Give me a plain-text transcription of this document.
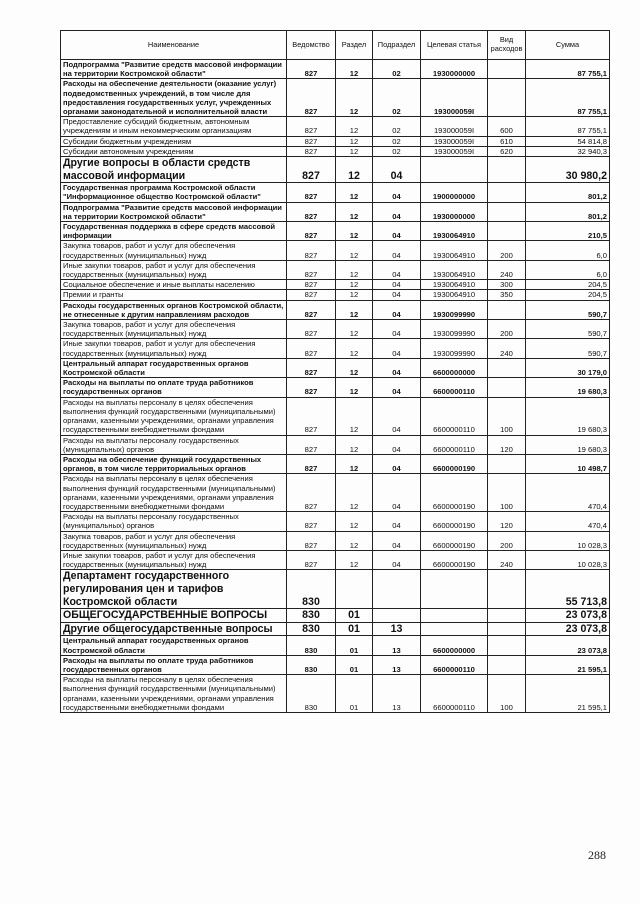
Наименование	Ведомство	Раздел	Подраздел	Целевая статья	Вид расходов	Сумма
Подпрограмма "Развитие средств массовой информации на территории Костромской области"	827	12	02	1930000000		87 755,1
Расходы на обеспечение деятельности (оказание услуг) подведомственных учреждений, в том числе для предоставления государственных услуг, учрежденных органами законодательной и исполнительной власти	827	12	02	193000059I		87 755,1
Предоставление субсидий бюджетным, автономным учреждениям и иным некоммерческим организациям	827	12	02	193000059I	600	87 755,1
Субсидии бюджетным учреждениям	827	12	02	193000059I	610	54 814,8
Субсидии автономным учреждениям	827	12	02	193000059I	620	32 940,3
Другие вопросы в области средств массовой информации	827	12	04			30 980,2
Государственная программа Костромской области "Информационное общество Костромской области"	827	12	04	1900000000		801,2
Подпрограмма "Развитие средств массовой информации на территории Костромской области"	827	12	04	1930000000		801,2
Государственная поддержка в сфере средств массовой информации	827	12	04	1930064910		210,5
Закупка товаров, работ и услуг для обеспечения государственных (муниципальных) нужд	827	12	04	1930064910	200	6,0
Иные закупки товаров, работ и услуг для обеспечения государственных (муниципальных) нужд	827	12	04	1930064910	240	6,0
Социальное обеспечение и иные выплаты населению	827	12	04	1930064910	300	204,5
Премии и гранты	827	12	04	1930064910	350	204,5
Расходы государственных органов Костромской области, не отнесенные к другим направлениям расходов	827	12	04	1930099990		590,7
Закупка товаров, работ и услуг для обеспечения государственных (муниципальных) нужд	827	12	04	1930099990	200	590,7
Иные закупки товаров, работ и услуг для обеспечения государственных (муниципальных) нужд	827	12	04	1930099990	240	590,7
Центральный аппарат государственных органов Костромской области	827	12	04	6600000000		30 179,0
Расходы на выплаты по оплате труда работников государственных органов	827	12	04	6600000110		19 680,3
Расходы на выплаты персоналу в целях обеспечения выполнения функций государственными (муниципальными) органами, казенными учреждениями, органами управления государственными внебюджетными фондами	827	12	04	6600000110	100	19 680,3
Расходы на выплаты персоналу государственных (муниципальных) органов	827	12	04	6600000110	120	19 680,3
Расходы на обеспечение функций государственных органов, в том числе территориальных органов	827	12	04	6600000190		10 498,7
Расходы на выплаты персоналу в целях обеспечения выполнения функций государственными (муниципальными) органами, казенными учреждениями, органами управления государственными внебюджетными фондами	827	12	04	6600000190	100	470,4
Расходы на выплаты персоналу государственных (муниципальных) органов	827	12	04	6600000190	120	470,4
Закупка товаров, работ и услуг для обеспечения государственных (муниципальных) нужд	827	12	04	6600000190	200	10 028,3
Иные закупки товаров, работ и услуг для обеспечения государственных (муниципальных) нужд	827	12	04	6600000190	240	10 028,3
Департамент государственного регулирования цен и тарифов Костромской области	830					55 713,8
ОБЩЕГОСУДАРСТВЕННЫЕ ВОПРОСЫ	830	01				23 073,8
Другие общегосударственные вопросы	830	01	13			23 073,8
Центральный аппарат государственных органов Костромской области	830	01	13	6600000000		23 073,8
Расходы на выплаты по оплате труда работников государственных органов	830	01	13	6600000110		21 595,1
Расходы на выплаты персоналу в целях обеспечения выполнения функций государственными (муниципальными) органами, казенными учреждениями, органами управления государственными внебюджетными фондами	830	01	13	6600000110	100	21 595,1
288
